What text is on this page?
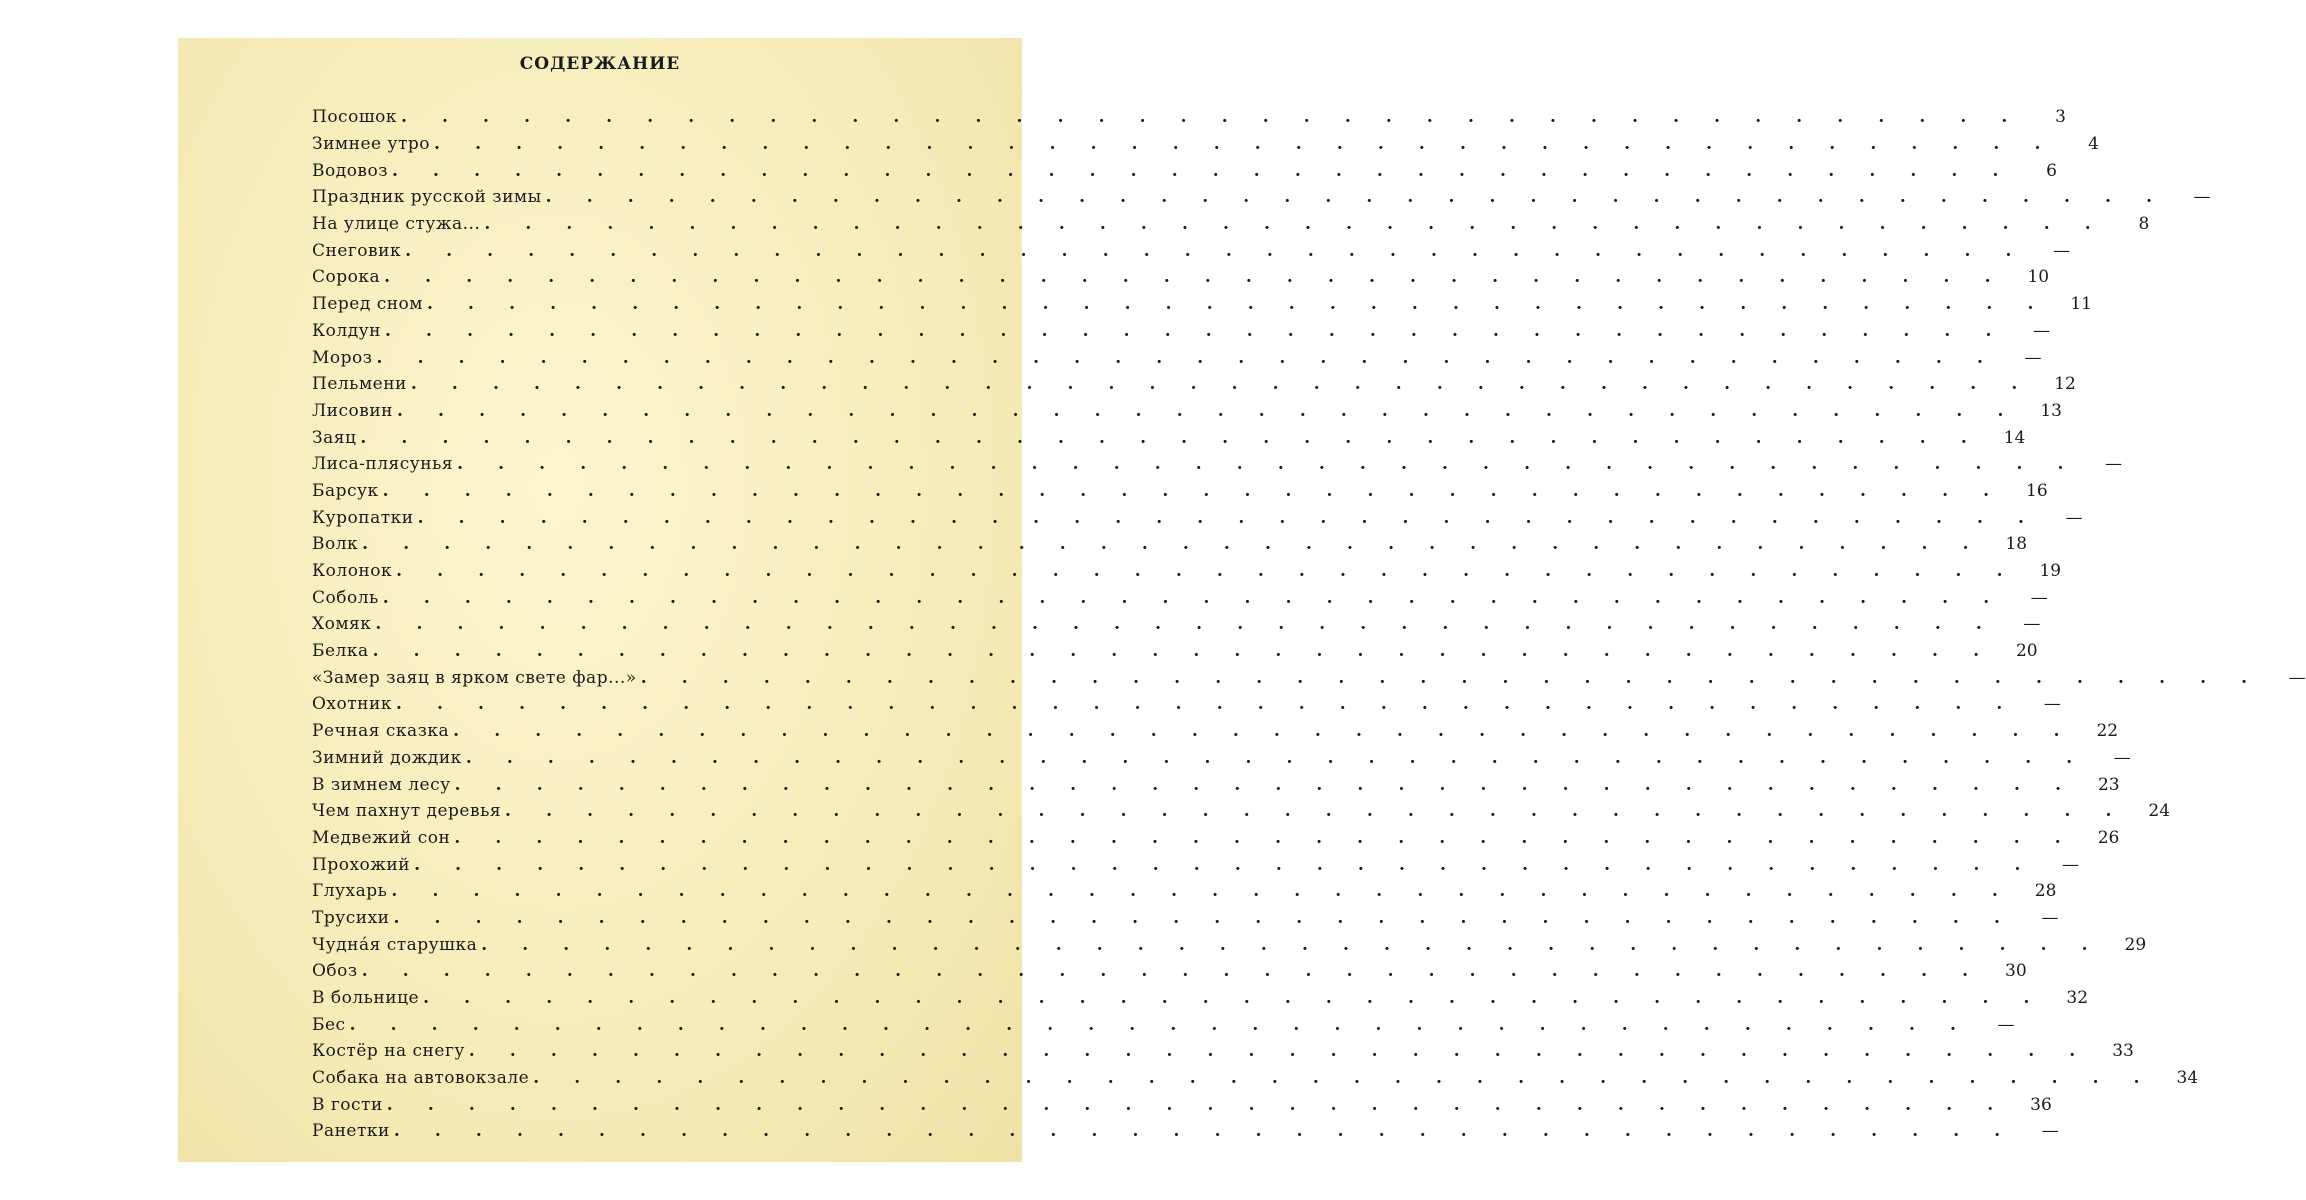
СОДЕРЖАНИЕ
Посошок . . . . . . . . . . . . . . . . . . . . . . . . . . . . . . . . . . . . . . . .	3
Зимнее утро . . . . . . . . . . . . . . . . . . . . . . . . . . . . . . . . . . . . . . . .	4
Водовоз . . . . . . . . . . . . . . . . . . . . . . . . . . . . . . . . . . . . . . . .	6
Праздник русской зимы . . . . . . . . . . . . . . . . . . . . . . . . . . . . . . . . . . . . . . . .	—
На улице стужа... . . . . . . . . . . . . . . . . . . . . . . . . . . . . . . . . . . . . . . . .	8
Снеговик . . . . . . . . . . . . . . . . . . . . . . . . . . . . . . . . . . . . . . . .	—
Сорока . . . . . . . . . . . . . . . . . . . . . . . . . . . . . . . . . . . . . . . .	10
Перед сном . . . . . . . . . . . . . . . . . . . . . . . . . . . . . . . . . . . . . . . .	11
Колдун . . . . . . . . . . . . . . . . . . . . . . . . . . . . . . . . . . . . . . . .	—
Мороз . . . . . . . . . . . . . . . . . . . . . . . . . . . . . . . . . . . . . . . .	—
Пельмени . . . . . . . . . . . . . . . . . . . . . . . . . . . . . . . . . . . . . . . .	12
Лисовин . . . . . . . . . . . . . . . . . . . . . . . . . . . . . . . . . . . . . . . .	13
Заяц . . . . . . . . . . . . . . . . . . . . . . . . . . . . . . . . . . . . . . . .	14
Лиса-плясунья . . . . . . . . . . . . . . . . . . . . . . . . . . . . . . . . . . . . . . . .	—
Барсук . . . . . . . . . . . . . . . . . . . . . . . . . . . . . . . . . . . . . . . .	16
Куропатки . . . . . . . . . . . . . . . . . . . . . . . . . . . . . . . . . . . . . . . .	—
Волк . . . . . . . . . . . . . . . . . . . . . . . . . . . . . . . . . . . . . . . .	18
Колонок . . . . . . . . . . . . . . . . . . . . . . . . . . . . . . . . . . . . . . . .	19
Соболь . . . . . . . . . . . . . . . . . . . . . . . . . . . . . . . . . . . . . . . .	—
Хомяк . . . . . . . . . . . . . . . . . . . . . . . . . . . . . . . . . . . . . . . .	—
Белка . . . . . . . . . . . . . . . . . . . . . . . . . . . . . . . . . . . . . . . .	20
«Замер заяц в ярком свете фар...» . . . . . . . . . . . . . . . . . . . . . . . . . . . . . . . . . . . . . . . .	—
Охотник . . . . . . . . . . . . . . . . . . . . . . . . . . . . . . . . . . . . . . . .	—
Речная сказка . . . . . . . . . . . . . . . . . . . . . . . . . . . . . . . . . . . . . . . .	22
Зимний дождик . . . . . . . . . . . . . . . . . . . . . . . . . . . . . . . . . . . . . . . .	—
В зимнем лесу . . . . . . . . . . . . . . . . . . . . . . . . . . . . . . . . . . . . . . . .	23
Чем пахнут деревья . . . . . . . . . . . . . . . . . . . . . . . . . . . . . . . . . . . . . . . .	24
Медвежий сон . . . . . . . . . . . . . . . . . . . . . . . . . . . . . . . . . . . . . . . .	26
Прохожий . . . . . . . . . . . . . . . . . . . . . . . . . . . . . . . . . . . . . . . .	—
Глухарь . . . . . . . . . . . . . . . . . . . . . . . . . . . . . . . . . . . . . . . .	28
Трусихи . . . . . . . . . . . . . . . . . . . . . . . . . . . . . . . . . . . . . . . .	—
Чудна́я старушка . . . . . . . . . . . . . . . . . . . . . . . . . . . . . . . . . . . . . . . .	29
Обоз . . . . . . . . . . . . . . . . . . . . . . . . . . . . . . . . . . . . . . . .	30
В больнице . . . . . . . . . . . . . . . . . . . . . . . . . . . . . . . . . . . . . . . .	32
Бес . . . . . . . . . . . . . . . . . . . . . . . . . . . . . . . . . . . . . . . .	—
Костёр на снегу . . . . . . . . . . . . . . . . . . . . . . . . . . . . . . . . . . . . . . . .	33
Собака на автовокзале . . . . . . . . . . . . . . . . . . . . . . . . . . . . . . . . . . . . . . . .	34
В гости . . . . . . . . . . . . . . . . . . . . . . . . . . . . . . . . . . . . . . . .	36
Ранетки . . . . . . . . . . . . . . . . . . . . . . . . . . . . . . . . . . . . . . . .	—
